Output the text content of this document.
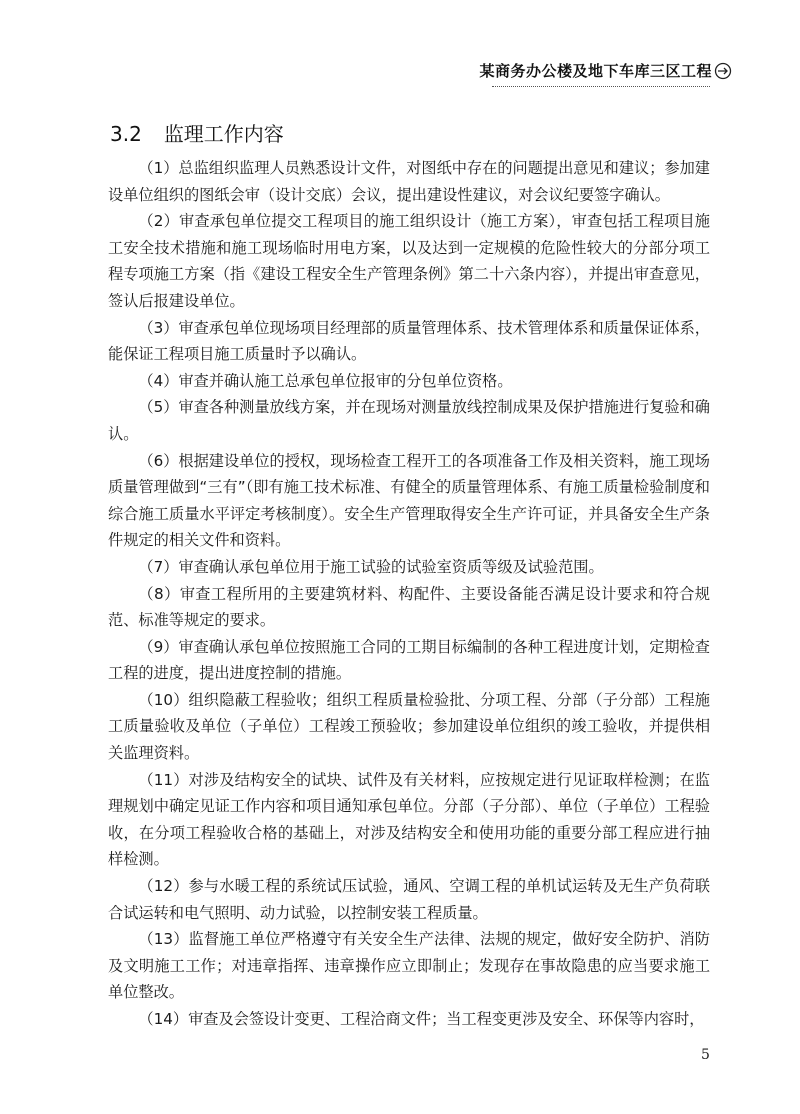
某商务办公楼及地下车库三区工程
3.2 监理工作内容

（1）总监组织监理人员熟悉设计文件，对图纸中存在的问题提出意见和建议；参加建设单位组织的图纸会审（设计交底）会议，提出建设性建议，对会议纪要签字确认。

（2）审查承包单位提交工程项目的施工组织设计（施工方案），审查包括工程项目施工安全技术措施和施工现场临时用电方案，以及达到一定规模的危险性较大的分部分项工程专项施工方案（指《建设工程安全生产管理条例》第二十六条内容），并提出审查意见，签认后报建设单位。

（3）审查承包单位现场项目经理部的质量管理体系、技术管理体系和质量保证体系，能保证工程项目施工质量时予以确认。

（4）审查并确认施工总承包单位报审的分包单位资格。

（5）审查各种测量放线方案，并在现场对测量放线控制成果及保护措施进行复验和确认。

（6）根据建设单位的授权，现场检查工程开工的各项准备工作及相关资料，施工现场质量管理做到“三有”（即有施工技术标准、有健全的质量管理体系、有施工质量检验制度和综合施工质量水平评定考核制度）。安全生产管理取得安全生产许可证，并具备安全生产条件规定的相关文件和资料。

（7）审查确认承包单位用于施工试验的试验室资质等级及试验范围。

（8）审查工程所用的主要建筑材料、构配件、主要设备能否满足设计要求和符合规范、标准等规定的要求。

（9）审查确认承包单位按照施工合同的工期目标编制的各种工程进度计划，定期检查工程的进度，提出进度控制的措施。

（10）组织隐蔽工程验收；组织工程质量检验批、分项工程、分部（子分部）工程施工质量验收及单位（子单位）工程竣工预验收；参加建设单位组织的竣工验收，并提供相关监理资料。

（11）对涉及结构安全的试块、试件及有关材料，应按规定进行见证取样检测；在监理规划中确定见证工作内容和项目通知承包单位。分部（子分部）、单位（子单位）工程验收，在分项工程验收合格的基础上，对涉及结构安全和使用功能的重要分部工程应进行抽样检测。

（12）参与水暖工程的系统试压试验，通风、空调工程的单机试运转及无生产负荷联合试运转和电气照明、动力试验，以控制安装工程质量。

（13）监督施工单位严格遵守有关安全生产法律、法规的规定，做好安全防护、消防及文明施工工作；对违章指挥、违章操作应立即制止；发现存在事故隐患的应当要求施工单位整改。

（14）审查及会签设计变更、工程洽商文件；当工程变更涉及安全、环保等内容时，

5
